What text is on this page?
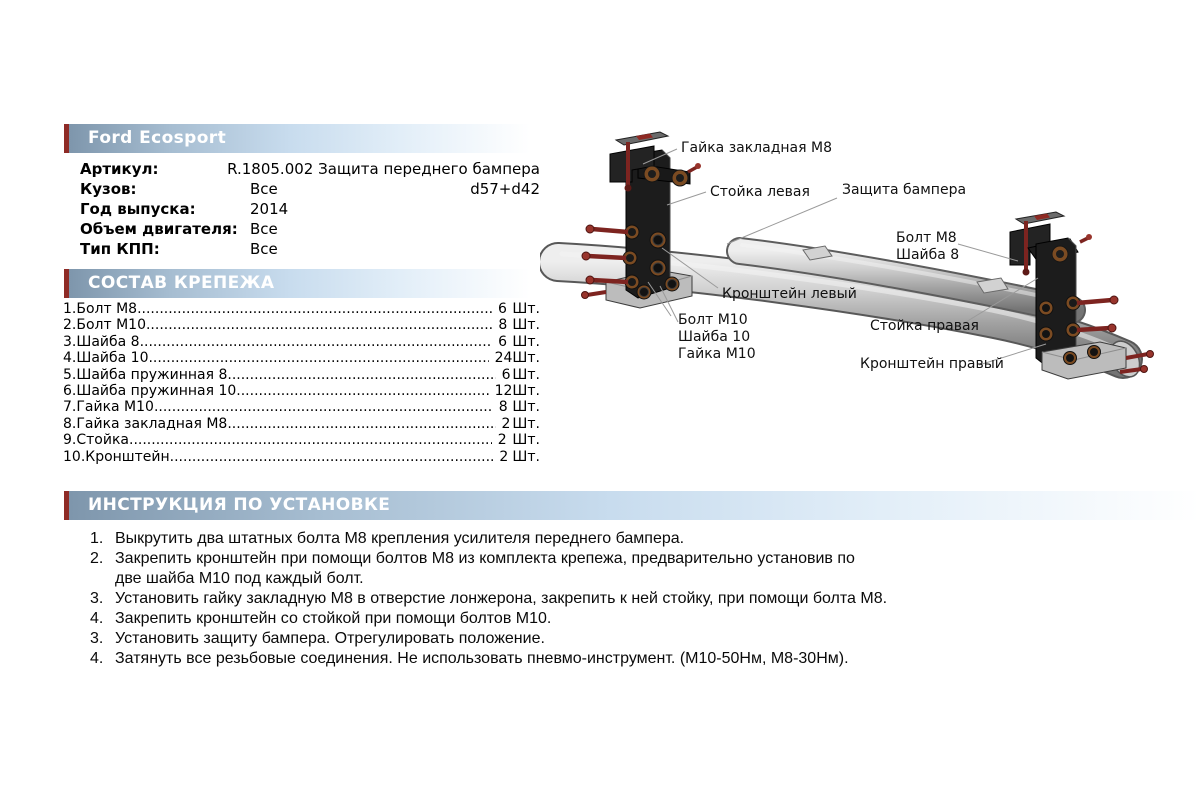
Ford Ecosport
Артикул:	R.1805.002 Защита переднего бампера
Кузов:	Все	d57+d42
Год выпуска:	2014
Объем двигателя: Все
Тип КПП:	Все
СОСТАВ КРЕПЕЖА
1.Болт М8 .....	6 Шт.
2.Болт М10 .....	8 Шт.
3.Шайба 8 .....	6 Шт.
4.Шайба 10 .....	24 Шт.
5.Шайба пружинная 8 .....	6 Шт.
6.Шайба пружинная 10 .....	12 Шт.
7.Гайка М10 .....	8 Шт.
8.Гайка закладная М8 .....	2 Шт.
9.Стойка .....	2 Шт.
10.Кронштейн .....	2 Шт.
ИНСТРУКЦИЯ ПО УСТАНОВКЕ
1. Выкрутить два штатных болта М8 крепления усилителя переднего бампера.
2. Закрепить кронштейн при помощи болтов М8 из комплекта крепежа, предварительно установив по
две шайба М10 под каждый болт.
3. Установить гайку закладную М8 в отверстие лонжерона, закрепить к ней стойку, при помощи болта М8.
4. Закрепить кронштейн со стойкой при помощи болтов М10.
3. Установить защиту бампера. Отрегулировать положение.
4. Затянуть все резьбовые соединения. Не использовать пневмо-инструмент. (М10-50Нм, М8-30Нм).
Гайка закладная М8
Стойка левая Защита бампера
Болт М8
Шайба 8
Кронштейн левый
Болт М10
Шайба 10
Гайка М10
Стойка правая
Кронштейн правый
